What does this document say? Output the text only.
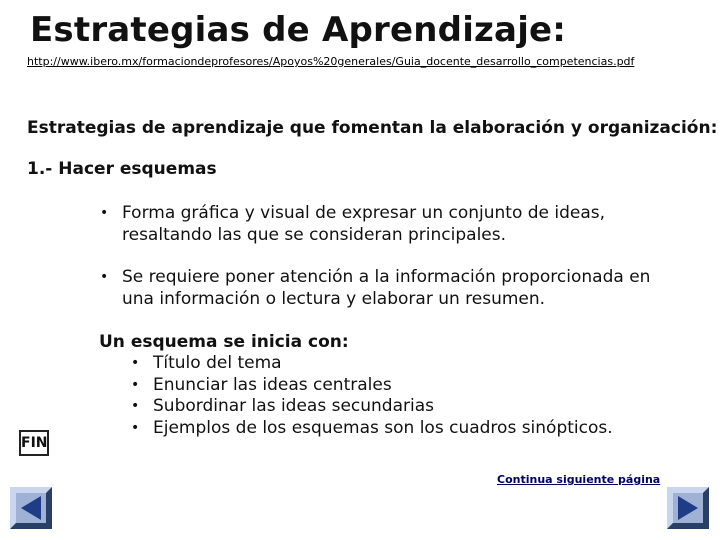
Estrategias de Aprendizaje:
http://www.ibero.mx/formaciondeprofesores/Apoyos%20generales/Guia_docente_desarrollo_competencias.pdf
Estrategias de aprendizaje que fomentan la elaboración y organización:
1.- Hacer esquemas
• Forma gráfica y visual de expresar un conjunto de ideas, resaltando las que se consideran principales.
• Se requiere poner atención a la información proporcionada en una información o lectura y elaborar un resumen.
Un esquema se inicia con:
• Título del tema
• Enunciar las ideas centrales
• Subordinar las ideas secundarias
• Ejemplos de los esquemas son los cuadros sinópticos.
FIN
Continua siguiente página
